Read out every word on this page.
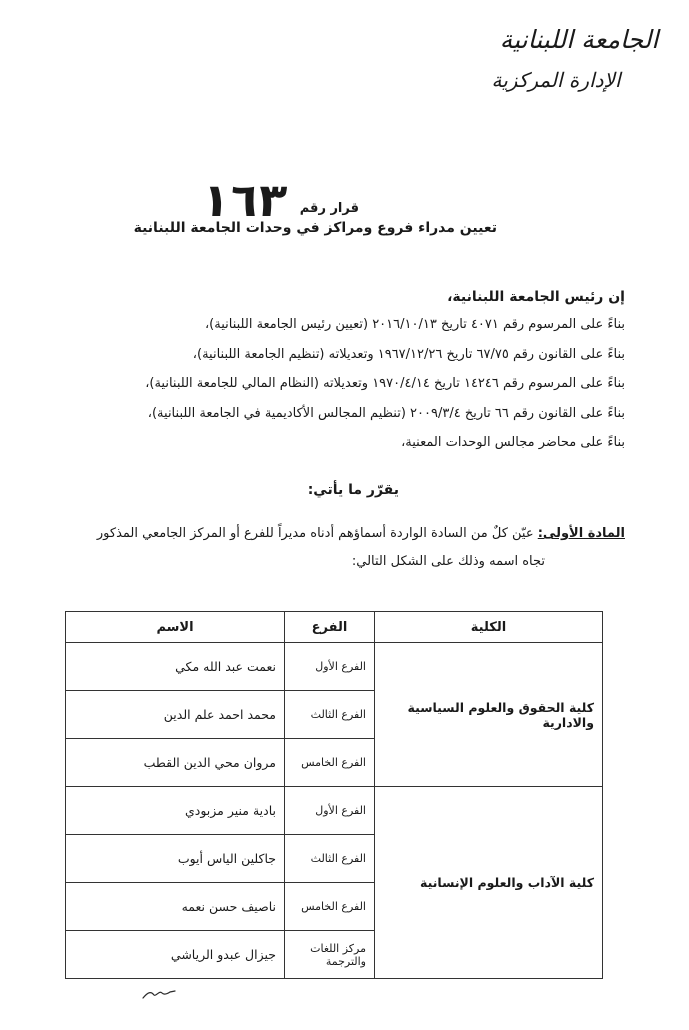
الجامعة اللبنانية
الإدارة المركزية
قرار رقم
١٦٣
تعيين مدراء فروع ومراكز في وحدات الجامعة اللبنانية
إن رئيس الجامعة اللبنانية،
بناءً على المرسوم رقم ٤٠٧١ تاريخ ٢٠١٦/١٠/١٣ (تعيين رئيس الجامعة اللبنانية)،
بناءً على القانون رقم ٦٧/٧٥ تاريخ ١٩٦٧/١٢/٢٦ وتعديلاته (تنظيم الجامعة اللبنانية)،
بناءً على المرسوم رقم ١٤٢٤٦ تاريخ ١٩٧٠/٤/١٤ وتعديلاته (النظام المالي للجامعة اللبنانية)،
بناءً على القانون رقم ٦٦ تاريخ ٢٠٠٩/٣/٤ (تنظيم المجالس الأكاديمية في الجامعة اللبنانية)،
بناءً على محاضر مجالس الوحدات المعنية،
يقرّر ما يأتي:
المادة الأولى: عيّن كلٌ من السادة الواردة أسماؤهم أدناه مديراً للفرع أو المركز الجامعي المذكور
تجاه اسمه وذلك على الشكل التالي:
الكلية	الفرع	الاسم
كلية الحقوق والعلوم السياسية والادارية	الفرع الأول	نعمت عبد الله مكي
	الفرع الثالث	محمد احمد علم الدين
	الفرع الخامس	مروان محي الدين القطب
كلية الآداب والعلوم الإنسانية	الفرع الأول	بادية منير مزبودي
	الفرع الثالث	جاكلين الياس أيوب
	الفرع الخامس	ناصيف حسن نعمه
	مركز اللغات والترجمة	جيزال عبدو الرياشي
